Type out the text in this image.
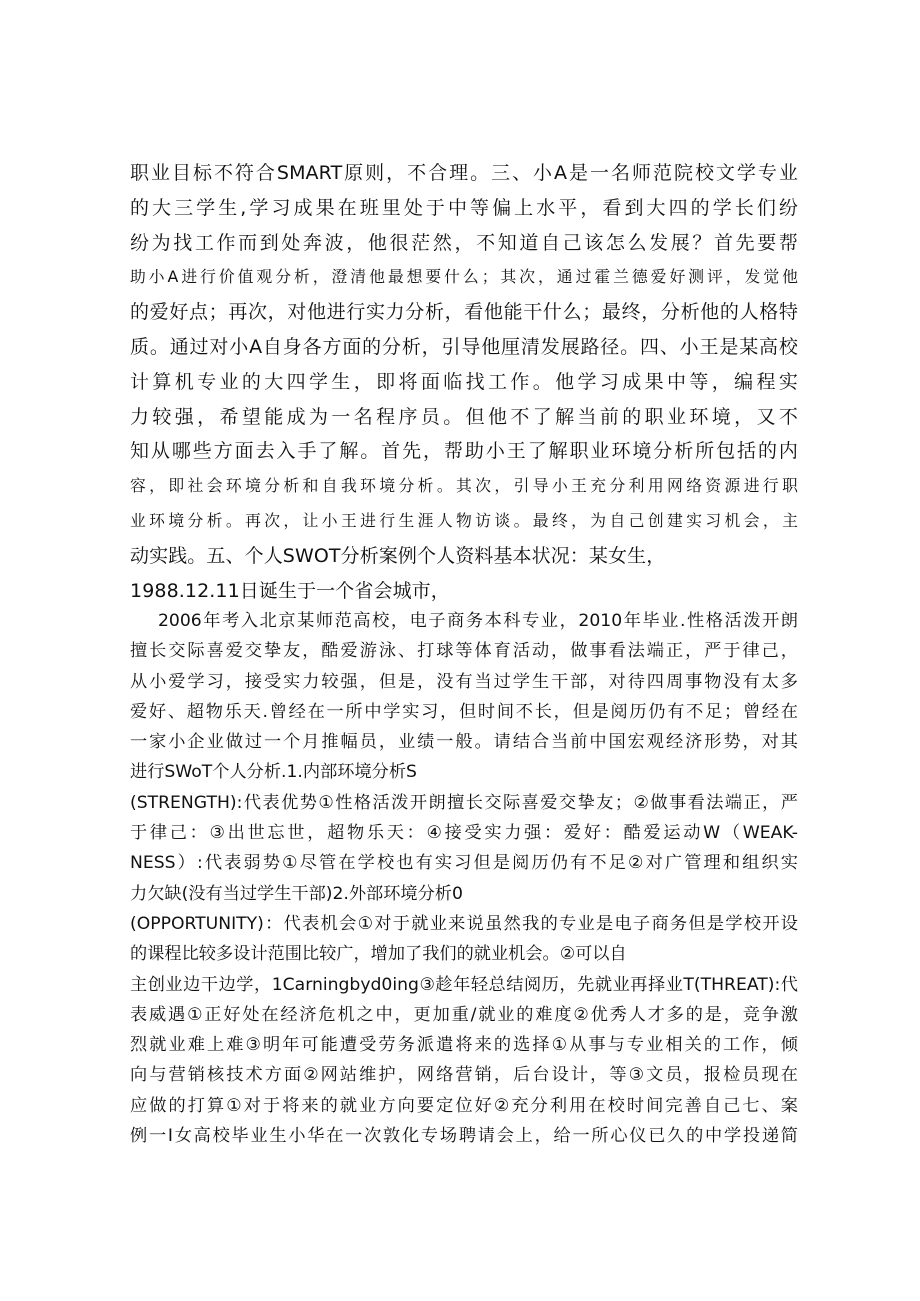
职业目标不符合SMART原则，不合理。三、小A是一名师范院校文学专业
的大三学生,学习成果在班里处于中等偏上水平，看到大四的学长们纷
纷为找工作而到处奔波，他很茫然，不知道自己该怎么发展？首先要帮
助小A进行价值观分析，澄清他最想要什么；其次，通过霍兰德爱好测评，发觉他
的爱好点；再次，对他进行实力分析，看他能干什么；最终，分析他的人格特
质。通过对小A自身各方面的分析，引导他厘清发展路径。四、小王是某高校
计算机专业的大四学生，即将面临找工作。他学习成果中等，编程实
力较强，希望能成为一名程序员。但他不了解当前的职业环境，又不
知从哪些方面去入手了解。首先，帮助小王了解职业环境分析所包括的内
容，即社会环境分析和自我环境分析。其次，引导小王充分利用网络资源进行职
业环境分析。再次，让小王进行生涯人物访谈。最终，为自己创建实习机会，主
动实践。五、个人SWOT分析案例个人资料基本状况：某女生，
1988.12.11日诞生于一个省会城市，
2006年考入北京某师范高校，电子商务本科专业，2010年毕业.性格活泼开朗
擅长交际喜爱交挚友，酷爱游泳、打球等体育活动，做事看法端正，严于律己，
从小爱学习，接受实力较强，但是，没有当过学生干部，对待四周事物没有太多
爱好、超物乐天.曾经在一所中学实习，但时间不长，但是阅历仍有不足；曾经在
一家小企业做过一个月推幅员，业绩一般。请结合当前中国宏观经济形势，对其
进行SWoT个人分析.1.内部环境分析S
(STRENGTH):代表优势①性格活泼开朗擅长交际喜爱交挚友；②做事看法端正，严
于律己：③出世忘世，超物乐天：④接受实力强：爱好：酷爱运动W（WEAK-
NESS）:代表弱势①尽管在学校也有实习但是阅历仍有不足②对广管理和组织实
力欠缺(没有当过学生干部)2.外部环境分析0
(OPPORTUNITY)：代表机会①对于就业来说虽然我的专业是电子商务但是学校开设
的课程比较多设计范围比较广，增加了我们的就业机会。②可以自
主创业边干边学，1Carningbyd0ing③趁年轻总结阅历，先就业再择业T(THREAT):代
表威遇①正好处在经济危机之中，更加重/就业的难度②优秀人才多的是，竞争激
烈就业难上难③明年可能遭受劳务派遣将来的选择①从事与专业相关的工作，倾
向与营销核技术方面②网站维护，网络营销，后台设计，等③文员，报检员现在
应做的打算①对于将来的就业方向要定位好②充分利用在校时间完善自己七、案
例一I女高校毕业生小华在一次敦化专场聘请会上，给一所心仪已久的中学投递简
